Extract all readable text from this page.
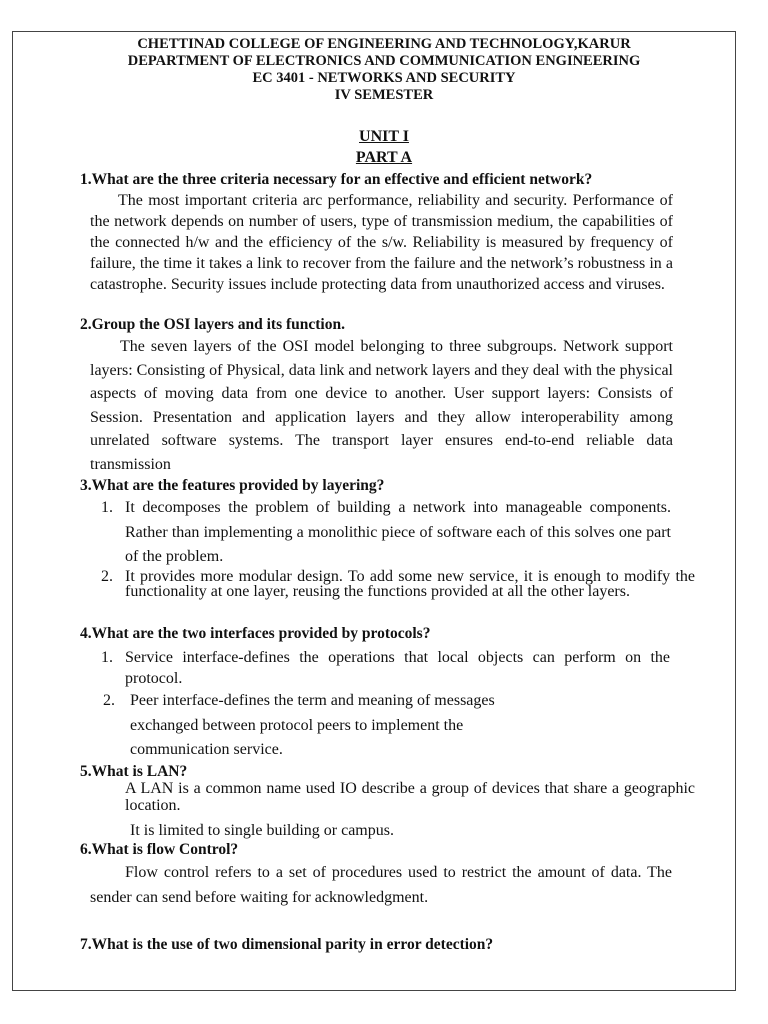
CHETTINAD COLLEGE OF ENGINEERING AND TECHNOLOGY,KARUR
DEPARTMENT OF ELECTRONICS AND COMMUNICATION ENGINEERING
EC 3401 - NETWORKS AND SECURITY
IV SEMESTER
UNIT I
PART A
1.What are the three criteria necessary for an effective and efficient network?
The most important criteria arc performance, reliability and security. Performance of the network depends on number of users, type of transmission medium, the capabilities of the connected h/w and the efficiency of the s/w. Reliability is measured by frequency of failure, the time it takes a link to recover from the failure and the network’s robustness in a catastrophe. Security issues include protecting data from unauthorized access and viruses.
2.Group the OSI layers and its function.
The seven layers of the OSI model belonging to three subgroups. Network support layers: Consisting of Physical, data link and network layers and they deal with the physical aspects of moving data from one device to another. User support layers: Consists of Session. Presentation and application layers and they allow interoperability among unrelated software systems. The transport layer ensures end-to-end reliable data transmission
3.What are the features provided by layering?
1. It decomposes the problem of building a network into manageable components. Rather than implementing a monolithic piece of software each of this solves one part of the problem.
2. It provides more modular design. To add some new service, it is enough to modify the functionality at one layer, reusing the functions provided at all the other layers.
4.What are the two interfaces provided by protocols?
1. Service interface-defines the operations that local objects can perform on the protocol.
2. Peer interface-defines the term and meaning of messages exchanged between protocol peers to implement the communication service.
5.What is LAN?
A LAN is a common name used IO describe a group of devices that share a geographic location.
It is limited to single building or campus.
6.What is flow Control?
Flow control refers to a set of procedures used to restrict the amount of data. The sender can send before waiting for acknowledgment.
7.What is the use of two dimensional parity in error detection?
